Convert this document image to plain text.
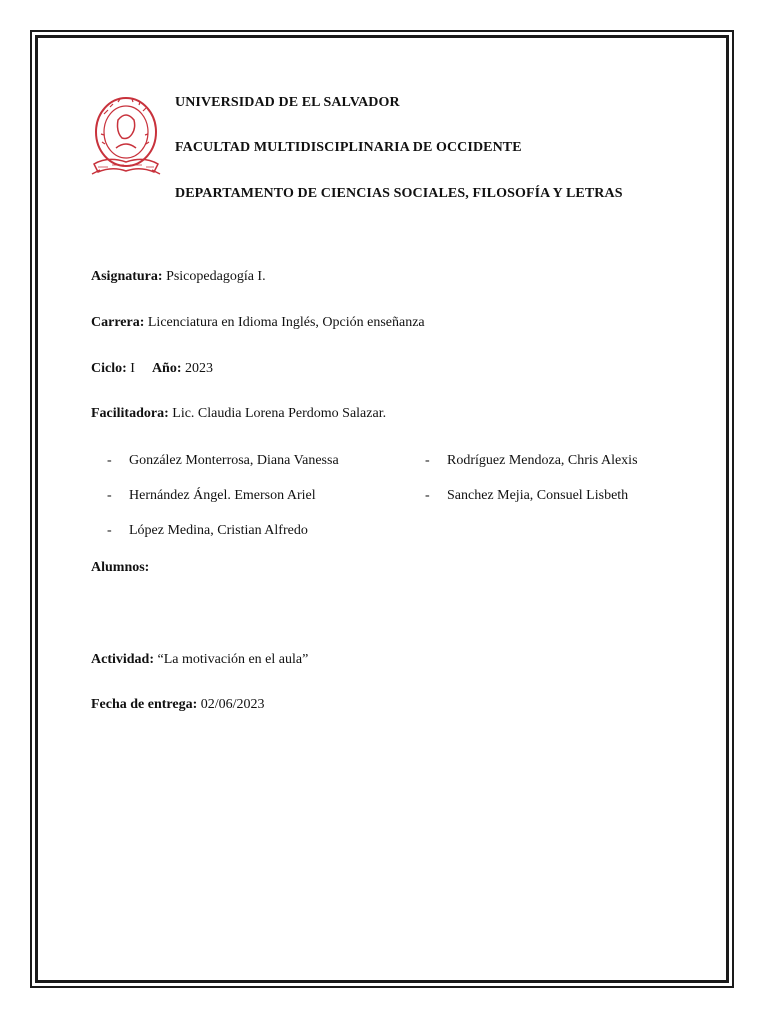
UNIVERSIDAD DE EL SALVADOR
FACULTAD MULTIDISCIPLINARIA DE OCCIDENTE
DEPARTAMENTO DE CIENCIAS SOCIALES, FILOSOFÍA Y LETRAS
Asignatura: Psicopedagogía I.
Carrera: Licenciatura en Idioma Inglés, Opción enseñanza
Ciclo: I Año: 2023
Facilitadora: Lic. Claudia Lorena Perdomo Salazar.
- González Monterrosa, Diana Vanessa
- Hernández Ángel. Emerson Ariel
- López Medina, Cristian Alfredo
- Rodríguez Mendoza, Chris Alexis
- Sanchez Mejia, Consuel Lisbeth
Alumnos:
Actividad: “La motivación en el aula”
Fecha de entrega: 02/06/2023
